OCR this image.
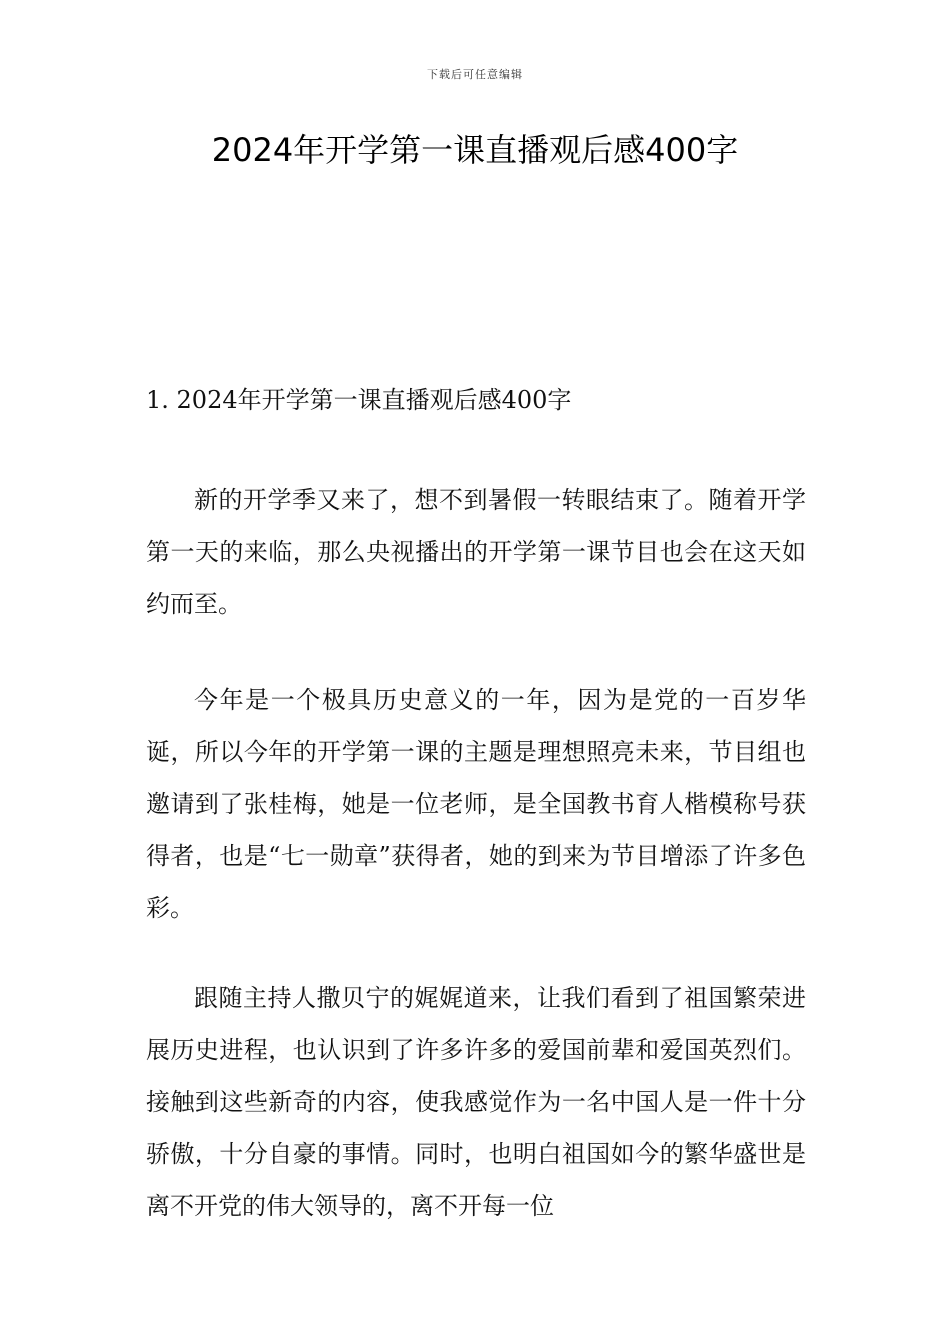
下载后可任意编辑
2024年开学第一课直播观后感400字
1. 2024年开学第一课直播观后感400字

新的开学季又来了，想不到暑假一转眼结束了。随着开学第一天的来临，那么央视播出的开学第一课节目也会在这天如约而至。

今年是一个极具历史意义的一年，因为是党的一百岁华诞，所以今年的开学第一课的主题是理想照亮未来，节目组也邀请到了张桂梅，她是一位老师，是全国教书育人楷模称号获得者，也是“七一勋章”获得者，她的到来为节目增添了许多色彩。

跟随主持人撒贝宁的娓娓道来，让我们看到了祖国繁荣进展历史进程，也认识到了许多许多的爱国前辈和爱国英烈们。接触到这些新奇的内容，使我感觉作为一名中国人是一件十分骄傲，十分自豪的事情。同时，也明白祖国如今的繁华盛世是离不开党的伟大领导的，离不开每一位
